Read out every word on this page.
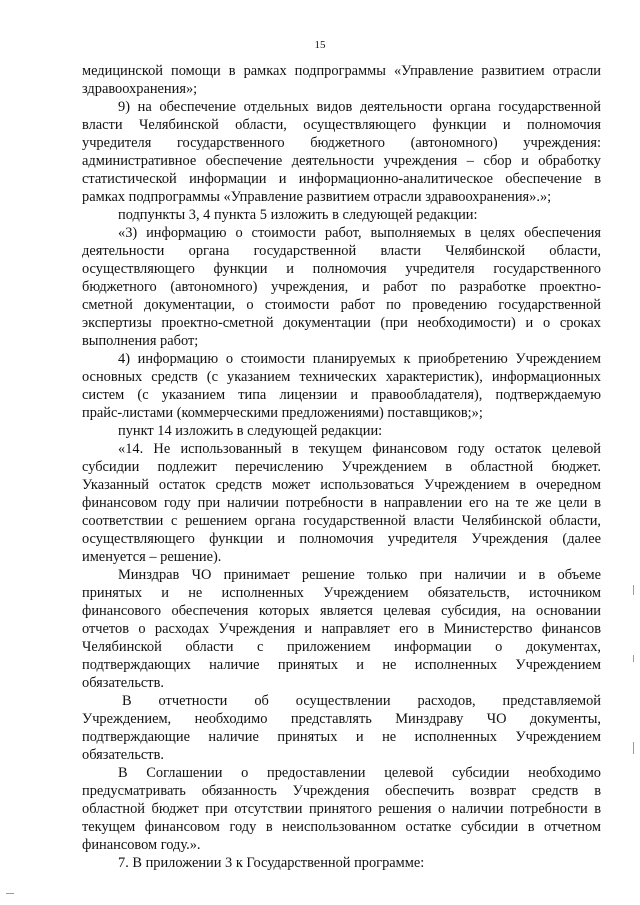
15
медицинской помощи в рамках подпрограммы «Управление развитием отрасли
здравоохранения»;
9) на обеспечение отдельных видов деятельности органа государственной
власти Челябинской области, осуществляющего функции и полномочия
учредителя государственного бюджетного (автономного) учреждения:
административное обеспечение деятельности учреждения – сбор и обработку
статистической информации и информационно-аналитическое обеспечение в
рамках подпрограммы «Управление развитием отрасли здравоохранения».»;
подпункты 3, 4 пункта 5 изложить в следующей редакции:
«3) информацию о стоимости работ, выполняемых в целях обеспечения
деятельности органа государственной власти Челябинской области,
осуществляющего функции и полномочия учредителя государственного
бюджетного (автономного) учреждения, и работ по разработке проектно-
сметной документации, о стоимости работ по проведению государственной
экспертизы проектно-сметной документации (при необходимости) и о сроках
выполнения работ;
4) информацию о стоимости планируемых к приобретению Учреждением
основных средств (с указанием технических характеристик), информационных
систем (с указанием типа лицензии и правообладателя), подтверждаемую
прайс-листами (коммерческими предложениями) поставщиков;»;
пункт 14 изложить в следующей редакции:
«14. Не использованный в текущем финансовом году остаток целевой
субсидии подлежит перечислению Учреждением в областной бюджет.
Указанный остаток средств может использоваться Учреждением в очередном
финансовом году при наличии потребности в направлении его на те же цели в
соответствии с решением органа государственной власти Челябинской области,
осуществляющего функции и полномочия учредителя Учреждения (далее
именуется – решение).
Минздрав ЧО принимает решение только при наличии и в объеме
принятых и не исполненных Учреждением обязательств, источником
финансового обеспечения которых является целевая субсидия, на основании
отчетов о расходах Учреждения и направляет его в Министерство финансов
Челябинской области с приложением информации о документах,
подтверждающих наличие принятых и не исполненных Учреждением
обязательств.
В отчетности об осуществлении расходов, представляемой
Учреждением, необходимо представлять Минздраву ЧО документы,
подтверждающие наличие принятых и не исполненных Учреждением
обязательств.
В Соглашении о предоставлении целевой субсидии необходимо
предусматривать обязанность Учреждения обеспечить возврат средств в
областной бюджет при отсутствии принятого решения о наличии потребности в
текущем финансовом году в неиспользованном остатке субсидии в отчетном
финансовом году.».
7. В приложении 3 к Государственной программе:
